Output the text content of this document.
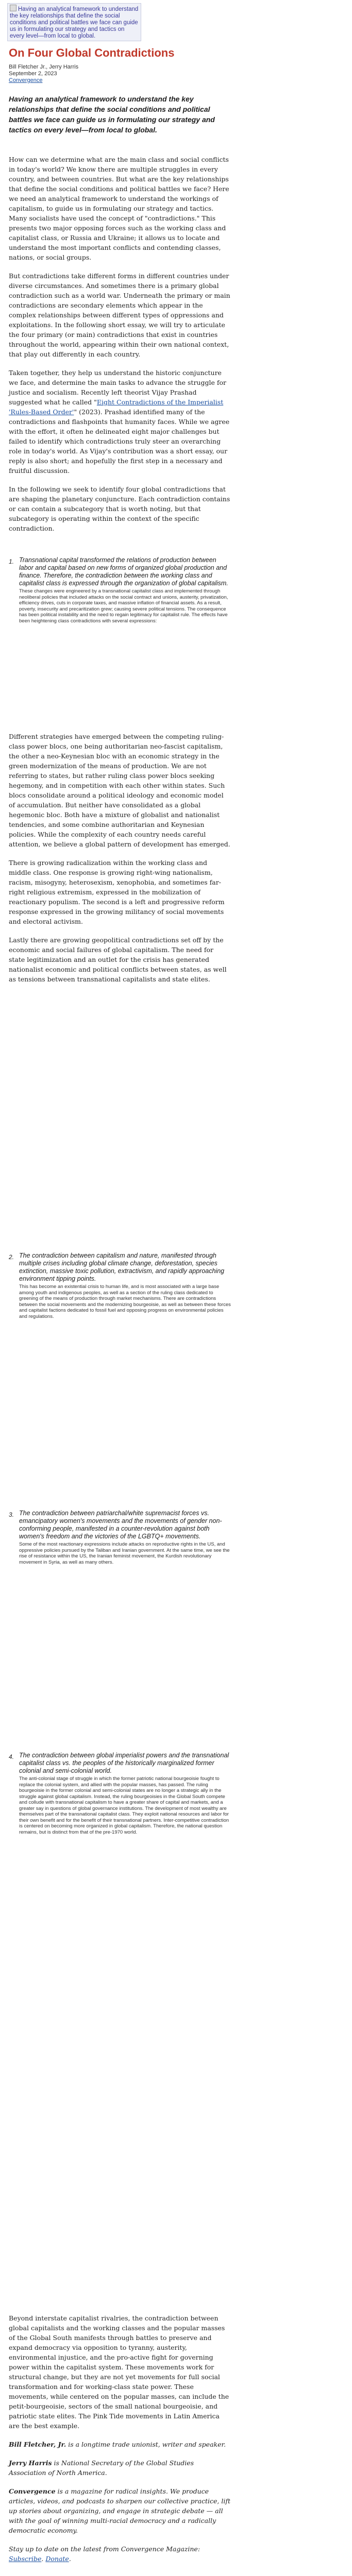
Having an analytical framework to understand the key relationships that define the social conditions and political battles we face can guide us in formulating our strategy and tactics on every level—from local to global.
On Four Global Contradictions
Bill Fletcher Jr., Jerry Harris
September 2, 2023
Convergence
Having an analytical framework to understand the key relationships that define the social conditions and political battles we face can guide us in formulating our strategy and tactics on every level—from local to global.

How can we determine what are the main class and social conflicts in today's world? We know there are multiple struggles in every country, and between countries. But what are the key relationships that define the social conditions and political battles we face? Here we need an analytical framework to understand the workings of capitalism, to guide us in formulating our strategy and tactics. Many socialists have used the concept of "contradictions." This presents two major opposing forces such as the working class and capitalist class, or Russia and Ukraine; it allows us to locate and understand the most important conflicts and contending classes, nations, or social groups.

But contradictions take different forms in different countries under diverse circumstances. And sometimes there is a primary global contradiction such as a world war. Underneath the primary or main contradictions are secondary elements which appear in the complex relationships between different types of oppressions and exploitations. In the following short essay, we will try to articulate the four primary (or main) contradictions that exist in countries throughout the world, appearing within their own national context, that play out differently in each country.

Taken together, they help us understand the historic conjuncture we face, and determine the main tasks to advance the struggle for justice and socialism. Recently left theorist Vijay Prashad suggested what he called "Eight Contradictions of the Imperialist 'Rules-Based Order'" (2023). Prashad identified many of the contradictions and flashpoints that humanity faces. While we agree with the effort, it often he delineated eight major challenges but failed to identify which contradictions truly steer an overarching role in today's world. As Vijay's contribution was a short essay, our reply is also short; and hopefully the first step in a necessary and fruitful discussion.

In the following we seek to identify four global contradictions that are shaping the planetary conjuncture. Each contradiction contains or can contain a subcategory that is worth noting, but that subcategory is operating within the context of the specific contradiction.

1. Transnational capital transformed the relations of production between labor and capital based on new forms of organized global production and finance. Therefore, the contradiction between the working class and capitalist class is expressed through the organization of global capitalism.
These changes were engineered by a transnational capitalist class and implemented through neoliberal policies that included attacks on the social contract and unions, austerity, privatization, efficiency drives, cuts in corporate taxes, and massive inflation of financial assets. As a result, poverty, insecurity and precaritization grew; causing severe political tensions. The consequence has been political instability and the need to regain legitimacy for capitalist rule. The effects have been heightening class contradictions with several expressions:

Different strategies have emerged between the competing ruling-class power blocs, one being authoritarian neo-fascist capitalism, the other a neo-Keynesian bloc with an economic strategy in the green modernization of the means of production. We are not referring to states, but rather ruling class power blocs seeking hegemony, and in competition with each other within states. Such blocs consolidate around a political ideology and economic model of accumulation. But neither have consolidated as a global hegemonic bloc. Both have a mixture of globalist and nationalist tendencies, and some combine authoritarian and Keynesian policies. While the complexity of each country needs careful attention, we believe a global pattern of development has emerged.

There is growing radicalization within the working class and middle class. One response is growing right-wing nationalism, racism, misogyny, heterosexism, xenophobia, and sometimes far-right religious extremism, expressed in the mobilization of reactionary populism. The second is a left and progressive reform response expressed in the growing militancy of social movements and electoral activism.

Lastly there are growing geopolitical contradictions set off by the economic and social failures of global capitalism. The need for state legitimization and an outlet for the crisis has generated nationalist economic and political conflicts between states, as well as tensions between transnational capitalists and state elites.

2. The contradiction between capitalism and nature, manifested through multiple crises including global climate change, deforestation, species extinction, massive toxic pollution, extractivism, and rapidly approaching environment tipping points.
This has become an existential crisis to human life, and is most associated with a large base among youth and indigenous peoples, as well as a section of the ruling class dedicated to greening of the means of production through market mechanisms. There are contradictions between the social movements and the modernizing bourgeoisie, as well as between these forces and capitalist factions dedicated to fossil fuel and opposing progress on environmental policies and regulations.
3. The contradiction between patriarchal/white supremacist forces vs. emancipatory women's movements and the movements of gender non-conforming people, manifested in a counter-revolution against both women's freedom and the victories of the LGBTQ+ movements.
Some of the most reactionary expressions include attacks on reproductive rights in the US, and oppressive policies pursued by the Taliban and Iranian government. At the same time, we see the rise of resistance within the US, the Iranian feminist movement, the Kurdish revolutionary movement in Syria, as well as many others.
4. The contradiction between global imperialist powers and the transnational capitalist class vs. the peoples of the historically marginalized former colonial and semi-colonial world.
The anti-colonial stage of struggle in which the former patriotic national bourgeoisie fought to replace the colonial system, and allied with the popular masses, has passed. The ruling bourgeoisie in the former colonial and semi-colonial states are no longer a strategic ally in the struggle against global capitalism. Instead, the ruling bourgeoisies in the Global South compete and collude with transnational capitalism to have a greater share of capital and markets, and a greater say in questions of global governance institutions. The development of most wealthy are themselves part of the transnational capitalist class. They exploit national resources and labor for their own benefit and for the benefit of their transnational partners. Inter-competitive contradiction is centered on becoming more organized in global capitalism. Therefore, the national question remains, but is distinct from that of the pre-1970 world.

Beyond interstate capitalist rivalries, the contradiction between global capitalists and the working classes and the popular masses of the Global South manifests through battles to preserve and expand democracy via opposition to tyranny, austerity, environmental injustice, and the pro-active fight for governing power within the capitalist system. These movements work for structural change, but they are not yet movements for full social transformation and for working-class state power. These movements, while centered on the popular masses, can include the petit-bourgeoisie, sectors of the small national bourgeoisie, and patriotic state elites. The Pink Tide movements in Latin America are the best example.

Bill Fletcher, Jr. is a longtime trade unionist, writer and speaker.

Jerry Harris is National Secretary of the Global Studies Association of North America.

Convergence is a magazine for radical insights. We produce articles, videos, and podcasts to sharpen our collective practice, lift up stories about organizing, and engage in strategic debate — all with the goal of winning multi-racial democracy and a radically democratic economy.

Stay up to date on the latest from Convergence Magazine: Subscribe. Donate.
